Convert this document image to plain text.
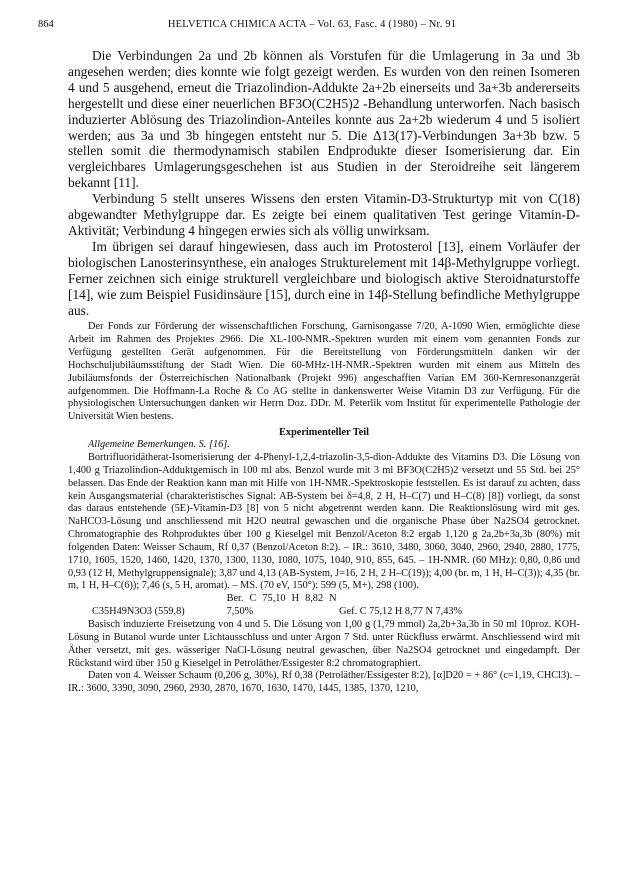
864	HELVETICA CHIMICA ACTA – Vol. 63, Fasc. 4 (1980) – Nr. 91

Die Verbindungen 2a und 2b können als Vorstufen für die Umlagerung in 3a und 3b angesehen werden; dies konnte wie folgt gezeigt werden. Es wurden von den reinen Isomeren 4 und 5 ausgehend, erneut die Triazolindion-Addukte 2a+2b einerseits und 3a+3b andererseits hergestellt und diese einer neuerlichen BF3O(C2H5)2 -Behandlung unterworfen. Nach basisch induzierter Ablösung des Triazolindion-Anteiles konnte aus 2a+2b wiederum 4 und 5 isoliert werden; aus 3a und 3b hingegen entsteht nur 5. Die Δ13(17)-Verbindungen 3a+3b bzw. 5 stellen somit die thermodynamisch stabilen Endprodukte dieser Isomerisierung dar. Ein vergleichbares Umlagerungsgeschehen ist aus Studien in der Steroidreihe seit längerem bekannt [11].

Verbindung 5 stellt unseres Wissens den ersten Vitamin-D3-Strukturtyp mit von C(18) abgewandter Methylgruppe dar. Es zeigte bei einem qualitativen Test geringe Vitamin-D-Aktivität; Verbindung 4 hingegen erwies sich als völlig unwirksam.

Im übrigen sei darauf hingewiesen, dass auch im Protosterol [13], einem Vorläufer der biologischen Lanosterinsynthese, ein analoges Strukturelement mit 14β-Methylgruppe vorliegt. Ferner zeichnen sich einige strukturell vergleichbare und biologisch aktive Steroidnaturstoffe [14], wie zum Beispiel Fusidinsäure [15], durch eine in 14β-Stellung befindliche Methylgruppe aus.

Der Fonds zur Förderung der wissenschaftlichen Forschung, Garnisongasse 7/20, A-1090 Wien, ermöglichte diese Arbeit im Rahmen des Projektes 2966. Die XL-100-NMR.-Spektren wurden mit einem vom genannten Fonds zur Verfügung gestellten Gerät aufgenommen. Für die Bereitstellung von Förderungsmitteln danken wir der Hochschuljubiläumsstiftung der Stadt Wien. Die 60-MHz-1H-NMR.-Spektren wurden mit einem aus Mitteln des Jubiläumsfonds der Österreichischen Nationalbank (Projekt 996) angeschafften Varian EM 360-Kernresonanzgerät aufgenommen. Die Hoffmann-La Roche & Co AG stellte in dankenswerter Weise Vitamin D3 zur Verfügung. Für die physiologischen Untersuchungen danken wir Herrn Doz. DDr. M. Peterlik vom Institut für experimentelle Pathologie der Universität Wien bestens.

Experimenteller Teil

Allgemeine Bemerkungen. S. [16].

Bortrifluoridätherat-Isomerisierung der 4-Phenyl-1,2,4-triazolin-3,5-dion-Addukte des Vitamins D3. Die Lösung von 1,400 g Triazolindion-Adduktgemisch in 100 ml abs. Benzol wurde mit 3 ml BF3O(C2H5)2 versetzt und 55 Std. bei 25° belassen. Das Ende der Reaktion kann man mit Hilfe von 1H-NMR.-Spektroskopie feststellen. Es ist darauf zu achten, dass kein Ausgangsmaterial (charakteristisches Signal: AB-System bei δ=4,8, 2 H, H–C(7) und H–C(8) [8]) vorliegt, da sonst das daraus entstehende (5E)-Vitamin-D3 [8] von 5 nicht abgetrennt werden kann. Die Reaktionslösung wird mit ges. NaHCO3-Lösung und anschliessend mit H2O neutral gewaschen und die organische Phase über Na2SO4 getrocknet. Chromatographie des Rohproduktes über 100 g Kieselgel mit Benzol/Aceton 8:2 ergab 1,120 g 2a,2b+3a,3b (80%) mit folgenden Daten: Weisser Schaum, Rf 0,37 (Benzol/Aceton 8:2). – IR.: 3610, 3480, 3060, 3040, 2960, 2940, 2880, 1775, 1710, 1605, 1520, 1460, 1420, 1370, 1300, 1130, 1080, 1075, 1040, 910, 855, 645. – 1H-NMR. (60 MHz): 0,80, 0,86 und 0,93 (12 H, Methylgruppensignale); 3,87 und 4,13 (AB-System, J=16, 2 H, 2 H–C(19)); 4,00 (br. m, 1 H, H–C(3)); 4,35 (br. m, 1 H, H–C(6)); 7,46 (s, 5 H, aromat). – MS. (70 eV, 150°): 599 (5, M+), 298 (100).

C35H49N3O3 (559,8) Ber. C 75,10 H 8,82 N 7,50%	Gef. C 75,12 H 8,77 N 7,43%

Basisch induzierte Freisetzung von 4 und 5. Die Lösung von 1,00 g (1,79 mmol) 2a,2b+3a,3b in 50 ml 10proz. KOH-Lösung in Butanol wurde unter Lichtausschluss und unter Argon 7 Std. unter Rückfluss erwärmt. Anschliessend wird mit Äther versetzt, mit ges. wässeriger NaCl-Lösung neutral gewaschen, über Na2SO4 getrocknet und eingedampft. Der Rückstand wird über 150 g Kieselgel in Petroläther/Essigester 8:2 chromatographiert.

Daten von 4. Weisser Schaum (0,206 g, 30%), Rf 0,38 (Petroläther/Essigester 8:2), [α]D20 = + 86° (c=1,19, CHCl3). – IR.: 3600, 3390, 3090, 2960, 2930, 2870, 1670, 1630, 1470, 1445, 1385, 1370, 1210,
